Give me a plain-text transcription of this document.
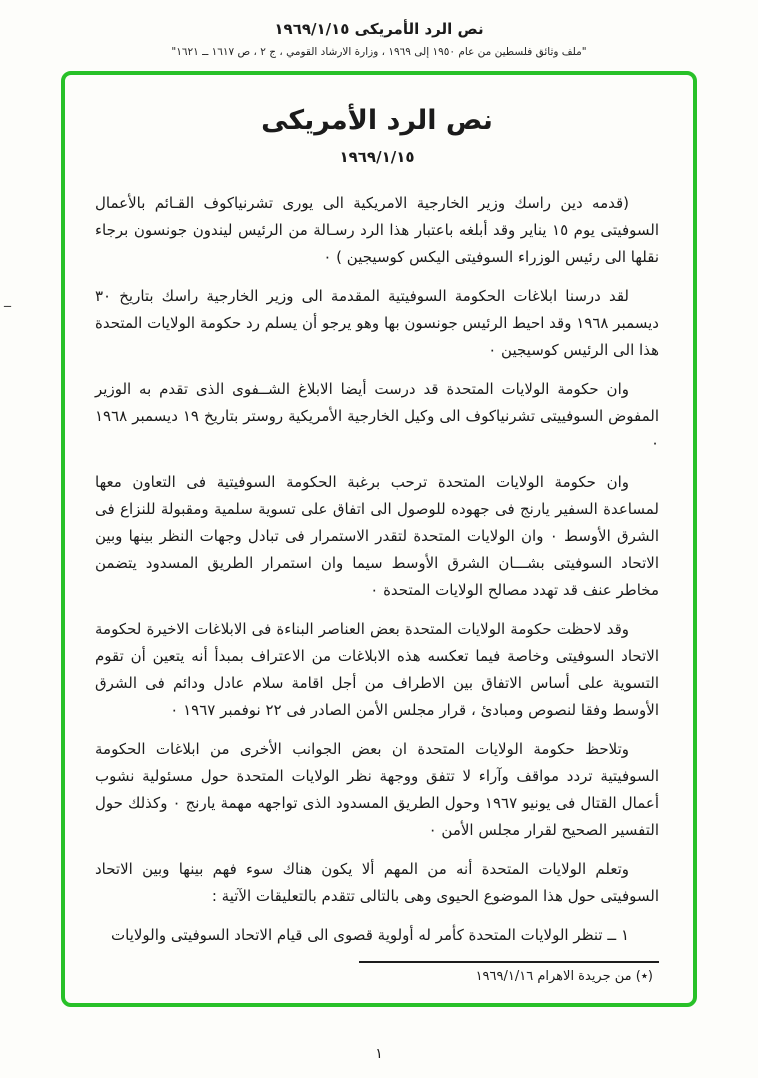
نص الرد الأمريكى ١٩٦٩/١/١٥
"ملف وثائق فلسطين من عام ١٩٥٠ إلى ١٩٦٩ ، وزارة الارشاد القومي ، ج ٢ ، ص ١٦١٧ ــ ١٦٢١"
ــ
نص الرد الأمريكى
١٩٦٩/١/١٥

(قدمه دين راسك وزير الخارجية الامريكية الى يورى تشرنياكوف القـائم بالأعمال السوفيتى يوم ١٥ يناير وقد أبلغه باعتبار هذا الرد رسـالة من الرئيس ليندون جونسون برجاء نقلها الى رئيس الوزراء السوفيتى اليكس كوسيجين ) ٠

لقد درسنا ابلاغات الحكومة السوفيتية المقدمة الى وزير الخارجية راسك بتاريخ ٣٠ ديسمبر ١٩٦٨ وقد احيط الرئيس جونسون بها وهو يرجو أن يسلم رد حكومة الولايات المتحدة هذا الى الرئيس كوسيجين ٠

وان حكومة الولايات المتحدة قد درست أيضا الابلاغ الشــفوى الذى تقدم به الوزير المفوض السوفييتى تشرنياكوف الى وكيل الخارجية الأمريكية روستر بتاريخ ١٩ ديسمبر ١٩٦٨ ٠

وان حكومة الولايات المتحدة ترحب برغبة الحكومة السوفيتية فى التعاون معها لمساعدة السفير يارنج فى جهوده للوصول الى اتفاق على تسوية سلمية ومقبولة للنزاع فى الشرق الأوسط ٠ وان الولايات المتحدة لتقدر الاستمرار فى تبادل وجهات النظر بينها وبين الاتحاد السوفيتى بشـــان الشرق الأوسط سيما وان استمرار الطريق المسدود يتضمن مخاطر عنف قد تهدد مصالح الولايات المتحدة ٠

وقد لاحظت حكومة الولايات المتحدة بعض العناصر البناءة فى الابلاغات الاخيرة لحكومة الاتحاد السوفيتى وخاصة فيما تعكسه هذه الابلاغات من الاعتراف بمبدأ أنه يتعين أن تقوم التسوية على أساس الاتفاق بين الاطراف من أجل اقامة سلام عادل ودائم فى الشرق الأوسط وفقا لنصوص ومبادئ ، قرار مجلس الأمن الصادر فى ٢٢ نوفمبر ١٩٦٧ ٠

وتلاحظ حكومة الولايات المتحدة ان بعض الجوانب الأخرى من ابلاغات الحكومة السوفيتية تردد مواقف وآراء لا تتفق ووجهة نظر الولايات المتحدة حول مسئولية نشوب أعمال القتال فى يونيو ١٩٦٧ وحول الطريق المسدود الذى تواجهه مهمة يارنج ٠ وكذلك حول التفسير الصحيح لقرار مجلس الأمن ٠

وتعلم الولايات المتحدة أنه من المهم ألا يكون هناك سوء فهم بينها وبين الاتحاد السوفيتى حول هذا الموضوع الحيوى وهى بالتالى تتقدم بالتعليقات الآتية :

١ ــ تنظر الولايات المتحدة كأمر له أولوية قصوى الى قيام الاتحاد السوفيتى والولايات

(٭) من جريدة الاهرام ١٩٦٩/١/١٦
١
